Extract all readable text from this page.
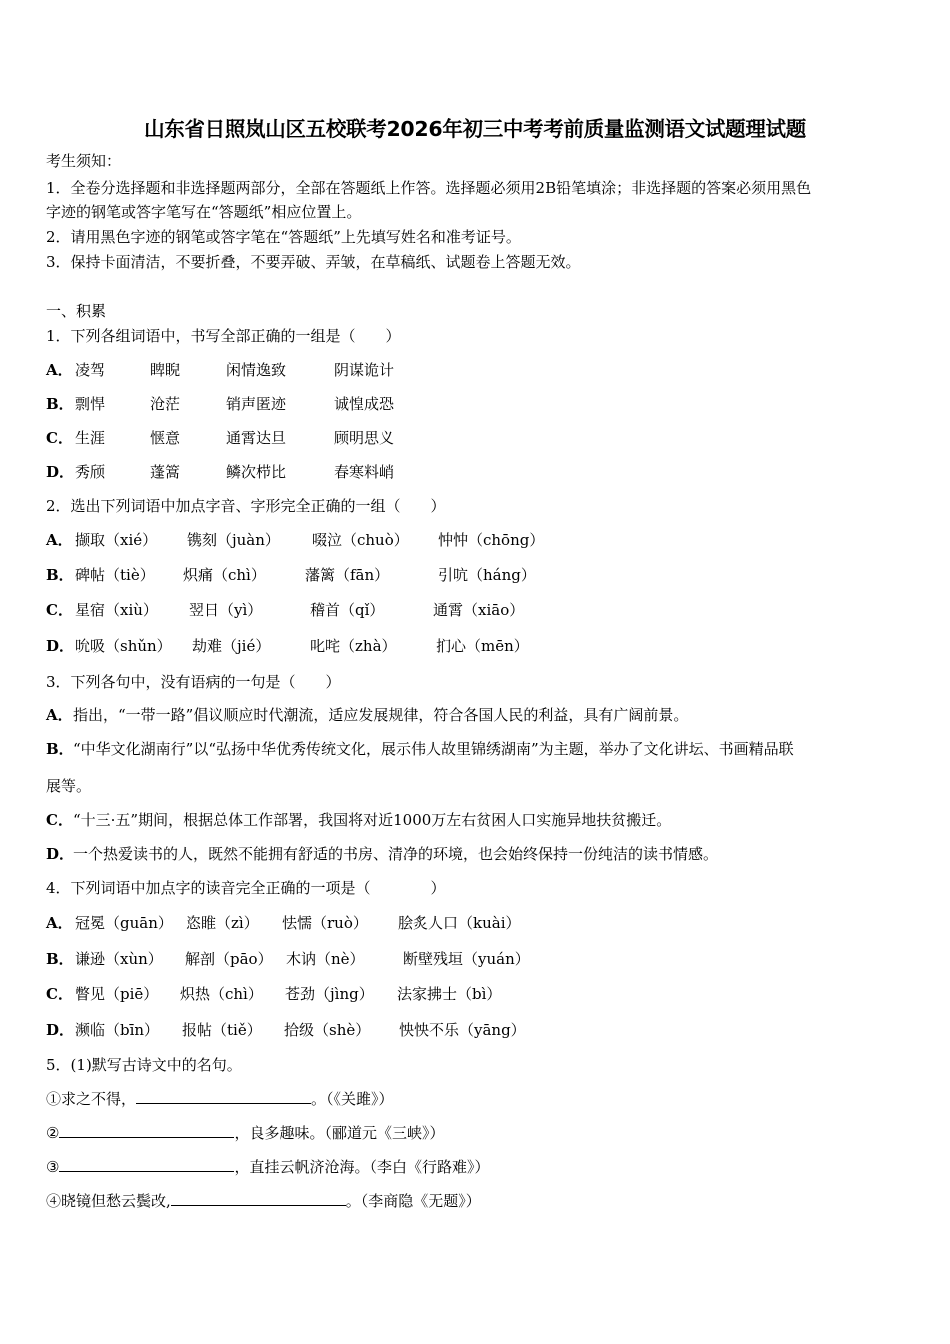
山东省日照岚山区五校联考2026年初三中考考前质量监测语文试题理试题
考生须知：
1．全卷分选择题和非选择题两部分，全部在答题纸上作答。选择题必须用2B铅笔填涂；非选择题的答案必须用黑色
字迹的钢笔或答字笔写在“答题纸”相应位置上。
2．请用黑色字迹的钢笔或答字笔在“答题纸”上先填写姓名和准考证号。
3．保持卡面清洁，不要折叠，不要弄破、弄皱，在草稿纸、试题卷上答题无效。
一、积累
1．下列各组词语中，书写全部正确的一组是（　　）
A． 凌驾	睥睨	闲情逸致	阴谋诡计
B． 剽悍	沧茫	销声匿迹	诚惶成恐
C． 生涯	惬意	通霄达旦	顾明思义
D． 秀颀	蓬篙	鳞次栉比	春寒料峭
2．选出下列词语中加点字音、字形完全正确的一组（　　）
A． 撷取（xié） 镌刻（juàn） 啜泣（chuò） 忡忡（chōng）
B． 碑帖（tiè） 炽痛（chì）	藩篱（fān）	引吭（háng）
C． 星宿（xiù） 翌日（yì）	稽首（qǐ）	通霄（xiāo）
D． 吮吸（shǔn） 劫难（jié）	叱咤（zhà）	扪心（mēn）
3．下列各句中，没有语病的一句是（　　）
A．指出，“一带一路”倡议顺应时代潮流，适应发展规律，符合各国人民的利益，具有广阔前景。
B．“中华文化湖南行”以“弘扬中华优秀传统文化，展示伟人故里锦绣湖南”为主题，举办了文化讲坛、书画精品联
展等。
C．“十三·五”期间，根据总体工作部署，我国将对近1000万左右贫困人口实施异地扶贫搬迁。
D．一个热爱读书的人，既然不能拥有舒适的书房、清净的环境，也会始终保持一份纯洁的读书情感。
4．下列词语中加点字的读音完全正确的一项是（　　　　）
A． 冠冕（guān） 恣睢（zì） 怯懦（ruò） 脍炙人口（kuài）
B． 谦逊（xùn） 解剖（pāo） 木讷（nè）	断壁残垣（yuán）
C． 瞥见（piē） 炽热（chì） 苍劲（jìng） 法家拂士（bì）
D． 濒临（bīn） 报帖（tiě） 拾级（shè） 怏怏不乐（yāng）
5．(1)默写古诗文中的名句。
①求之不得，	。（《关雎》）
②	，良多趣味。（郦道元《三峡》）
③	，直挂云帆济沧海。（李白《行路难》）
④晓镜但愁云鬓改,	。（李商隐《无题》）
